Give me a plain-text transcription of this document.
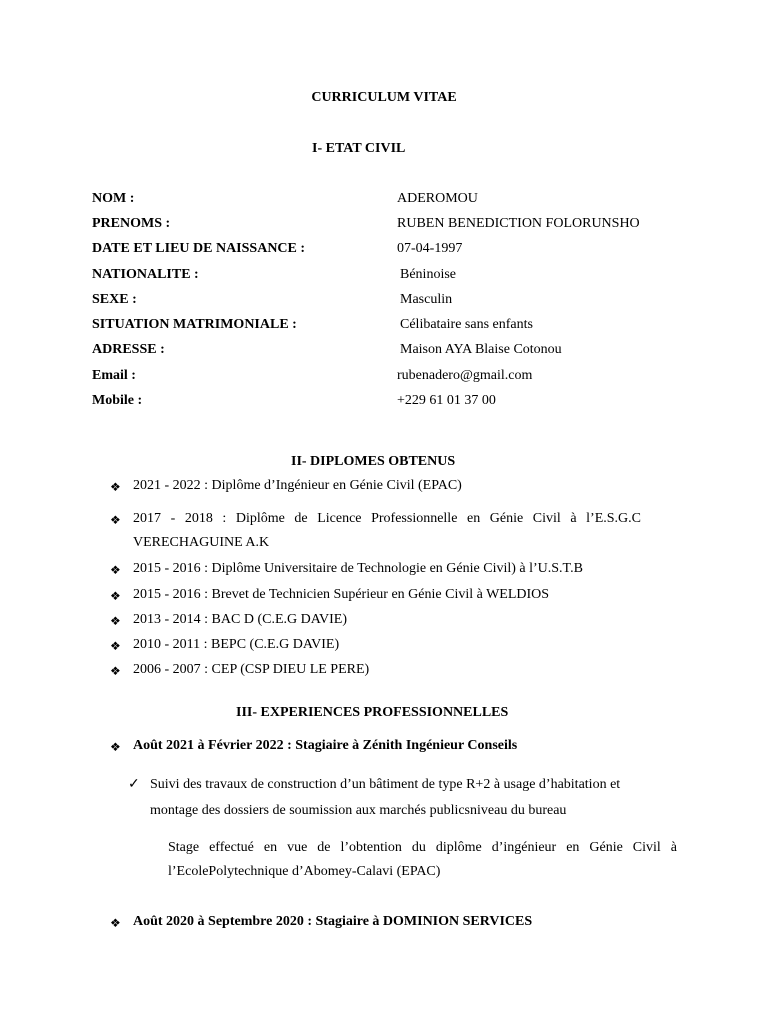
CURRICULUM VITAE
I- ETAT CIVIL
NOM :	ADEROMOU
PRENOMS :	RUBEN BENEDICTION FOLORUNSHO
DATE ET LIEU DE NAISSANCE :	07-04-1997
NATIONALITE :	Béninoise
SEXE :	Masculin
SITUATION MATRIMONIALE :	Célibataire sans enfants
ADRESSE :	Maison AYA Blaise Cotonou
Email :	rubenadero@gmail.com
Mobile :	+229 61 01 37 00
II- DIPLOMES OBTENUS
❖ 2021 - 2022 : Diplôme d’Ingénieur en Génie Civil (EPAC)
❖ 2017 - 2018 : Diplôme de Licence Professionnelle en Génie Civil à l’E.S.G.C
VERECHAGUINE A.K
❖ 2015 - 2016 : Diplôme Universitaire de Technologie en Génie Civil) à l’U.S.T.B
❖ 2015 - 2016 : Brevet de Technicien Supérieur en Génie Civil à WELDIOS
❖ 2013 - 2014 : BAC D (C.E.G DAVIE)
❖ 2010 - 2011 : BEPC (C.E.G DAVIE)
❖ 2006 - 2007 : CEP (CSP DIEU LE PERE)
III- EXPERIENCES PROFESSIONNELLES
❖ Août 2021 à Février 2022 : Stagiaire à Zénith Ingénieur Conseils
✓ Suivi des travaux de construction d’un bâtiment de type R+2 à usage d’habitation et
montage des dossiers de soumission aux marchés publicsniveau du bureau
Stage effectué en vue de l’obtention du diplôme d’ingénieur en Génie Civil à
l’EcolePolytechnique d’Abomey-Calavi (EPAC)
❖ Août 2020 à Septembre 2020 : Stagiaire à DOMINION SERVICES
